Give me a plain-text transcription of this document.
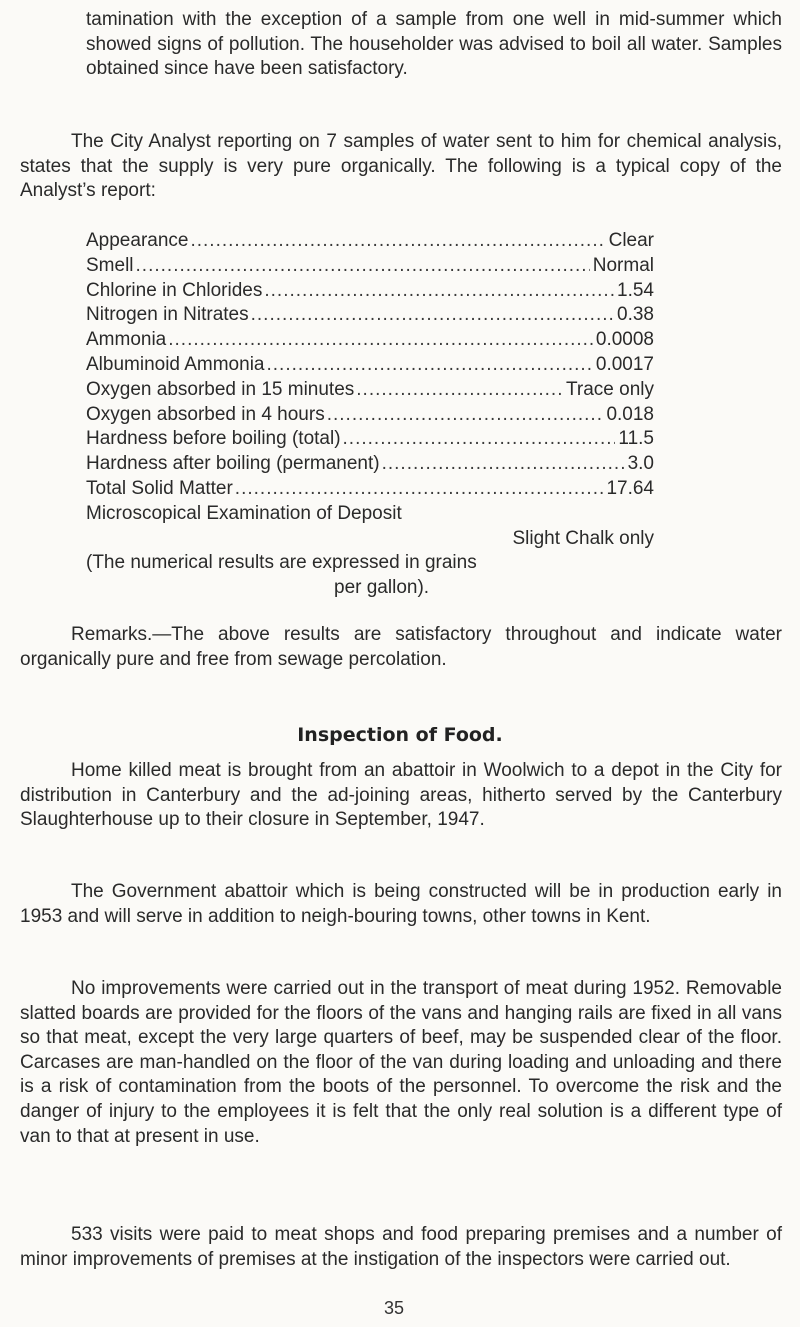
tamination with the exception of a sample from one well in mid-summer which showed signs of pollution. The householder was advised to boil all water. Samples obtained since have been satisfactory.

The City Analyst reporting on 7 samples of water sent to him for chemical analysis, states that the supply is very pure organically. The following is a typical copy of the Analyst’s report:

Appearance .....	Clear
Smell .....	Normal
Chlorine in Chlorides .....	1.54
Nitrogen in Nitrates .....	0.38
Ammonia .....	0.0008
Albuminoid Ammonia .....	0.0017
Oxygen absorbed in 15 minutes .....	Trace only
Oxygen absorbed in 4 hours .....	0.018
Hardness before boiling (total) .....	11.5
Hardness after boiling (permanent) .....	3.0
Total Solid Matter .....	17.64
Microscopical Examination of Deposit
Slight Chalk only
(The numerical results are expressed in grains
per gallon).

Remarks.—The above results are satisfactory throughout and indicate water organically pure and free from sewage percolation.

Inspection of Food.

Home killed meat is brought from an abattoir in Woolwich to a depot in the City for distribution in Canterbury and the ad-joining areas, hitherto served by the Canterbury Slaughterhouse up to their closure in September, 1947.

The Government abattoir which is being constructed will be in production early in 1953 and will serve in addition to neigh-bouring towns, other towns in Kent.

No improvements were carried out in the transport of meat during 1952. Removable slatted boards are provided for the floors of the vans and hanging rails are fixed in all vans so that meat, except the very large quarters of beef, may be suspended clear of the floor. Carcases are man-handled on the floor of the van during loading and unloading and there is a risk of contamination from the boots of the personnel. To overcome the risk and the danger of injury to the employees it is felt that the only real solution is a different type of van to that at present in use.

533 visits were paid to meat shops and food preparing premises and a number of minor improvements of premises at the instigation of the inspectors were carried out.

35
